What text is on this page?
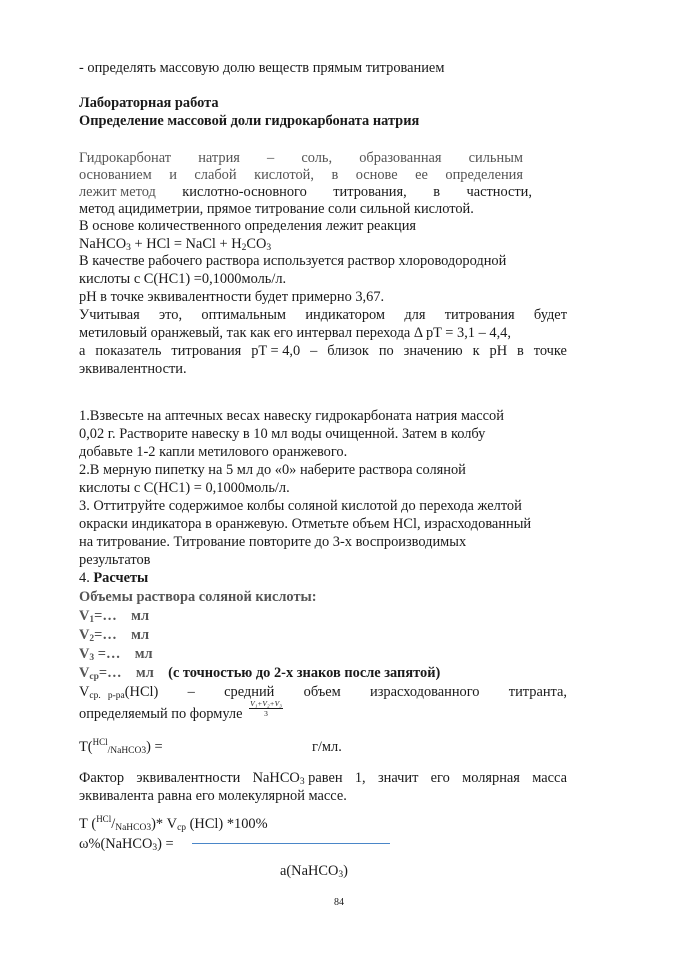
- определять массовую долю веществ прямым титрованием
Лабораторная работа
Определение массовой доли гидрокарбоната натрия
Гидрокарбонат натрия – соль, образованная сильным
основанием и слабой кислотой, в основе ее определения
лежит метод кислотно-основного титрования, в частности,
метод ацидиметрии, прямое титрование соли сильной кислотой.
В основе количественного определения лежит реакция
NaHCO$_3$ + HCl = NaCl + $H_2CO_3$
В качестве рабочего раствора используется раствор хлороводородной
кислоты с С(НС1) =0,1000моль/л.
рН в точке эквивалентности будет примерно 3,67.
Учитывая это, оптимальным индикатором для титрования будет
метиловый оранжевый, так как его интервал перехода Δ pT = 3,1 – 4,4,
а показатель титрования pT = 4,0 – близок по значению к рН в точке
эквивалентности.
1.Взвесьте на аптечных весах навеску гидрокарбоната натрия массой
0,02 г. Растворите навеску в 10 мл воды очищенной. Затем в колбу
добавьте 1-2 капли метилового оранжевого.
2.В мерную пипетку на 5 мл до «0» наберите раствора соляной
кислоты с С(НС1) = 0,1000моль/л.
3. Оттитруйте содержимое колбы соляной кислотой до перехода желтой
окраски индикатора в оранжевую. Отметьте объем HCl, израсходованный
на титрование. Титрование повторите до 3-х воспроизводимых
результатов
4. Расчеты
Объемы раствора соляной кислоты:
$V_1=\dots$    мл
$V_2=\dots$    мл
$V_3$ =…    мл
$V_{ср}=\dots$    мл (с точностью до 2-х знаков после запятой)
$V_{ср. р-ра}(HCl)$ – средний объем израсходованного титранта,
определяемый по формуле $\frac{\text{V₁+V₂+V₃}}{3}$
Т($^{HCl}_{/NaHCO3}$) =	г/мл.
Фактор эквивалентности NaHCO$_3$ равен 1, значит его молярная масса
эквивалента равна его молекулярной массе.
Т $(^{HCl}/_{NaHCO3})*$ $V_{ср}$ (HCl) *100%
ω%(NaHCO$_3$) =
a(NaHCO$_3$)
84
